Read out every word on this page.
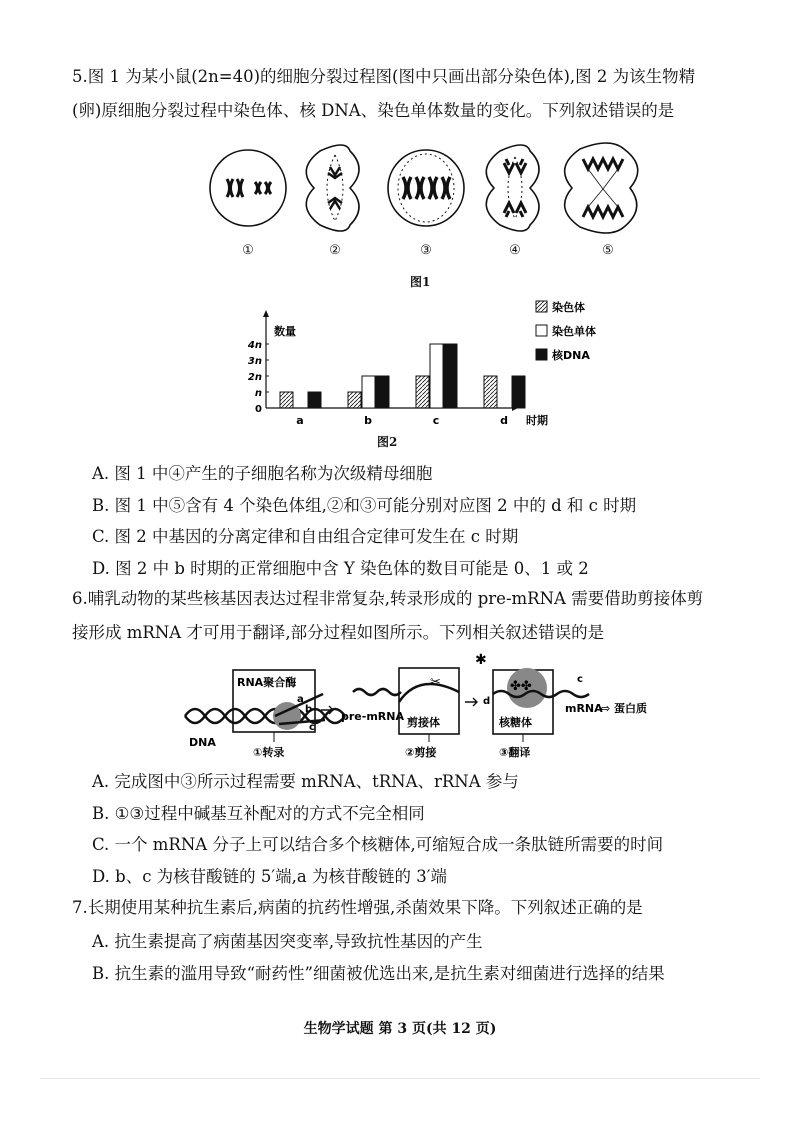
5.图 1 为某小鼠(2n=40)的细胞分裂过程图(图中只画出部分染色体),图 2 为该生物精
(卵)原细胞分裂过程中染色体、核 DNA、染色单体数量的变化。下列叙述错误的是
①	②	③	④	⑤
图1
数量
时期
0
n
2n
3n
4n
a	b	c	d
染色体
染色单体
核DNA
图2
A. 图 1 中④产生的子细胞名称为次级精母细胞
B. 图 1 中⑤含有 4 个染色体组,②和③可能分别对应图 2 中的 d 和 c 时期
C. 图 2 中基因的分离定律和自由组合定律可发生在 c 时期
D. 图 2 中 b 时期的正常细胞中含 Y 染色体的数目可能是 0、1 或 2
6.哺乳动物的某些核基因表达过程非常复杂,转录形成的 pre-mRNA 需要借助剪接体剪
接形成 mRNA 才可用于翻译,部分过程如图所示。下列相关叙述错误的是
DNA
RNA聚合酶
a
b
c
①转录
pre-mRNA
✂
剪接体
②剪接
✱
✤✤
d
c
核糖体
③翻译
mRNA
⇨ 蛋白质
A. 完成图中③所示过程需要 mRNA、tRNA、rRNA 参与
B. ①③过程中碱基互补配对的方式不完全相同
C. 一个 mRNA 分子上可以结合多个核糖体,可缩短合成一条肽链所需要的时间
D. b、c 为核苷酸链的 5′端,a 为核苷酸链的 3′端
7.长期使用某种抗生素后,病菌的抗药性增强,杀菌效果下降。下列叙述正确的是
A. 抗生素提高了病菌基因突变率,导致抗性基因的产生
B. 抗生素的滥用导致“耐药性”细菌被优选出来,是抗生素对细菌进行选择的结果
生物学试题 第 3 页(共 12 页)
